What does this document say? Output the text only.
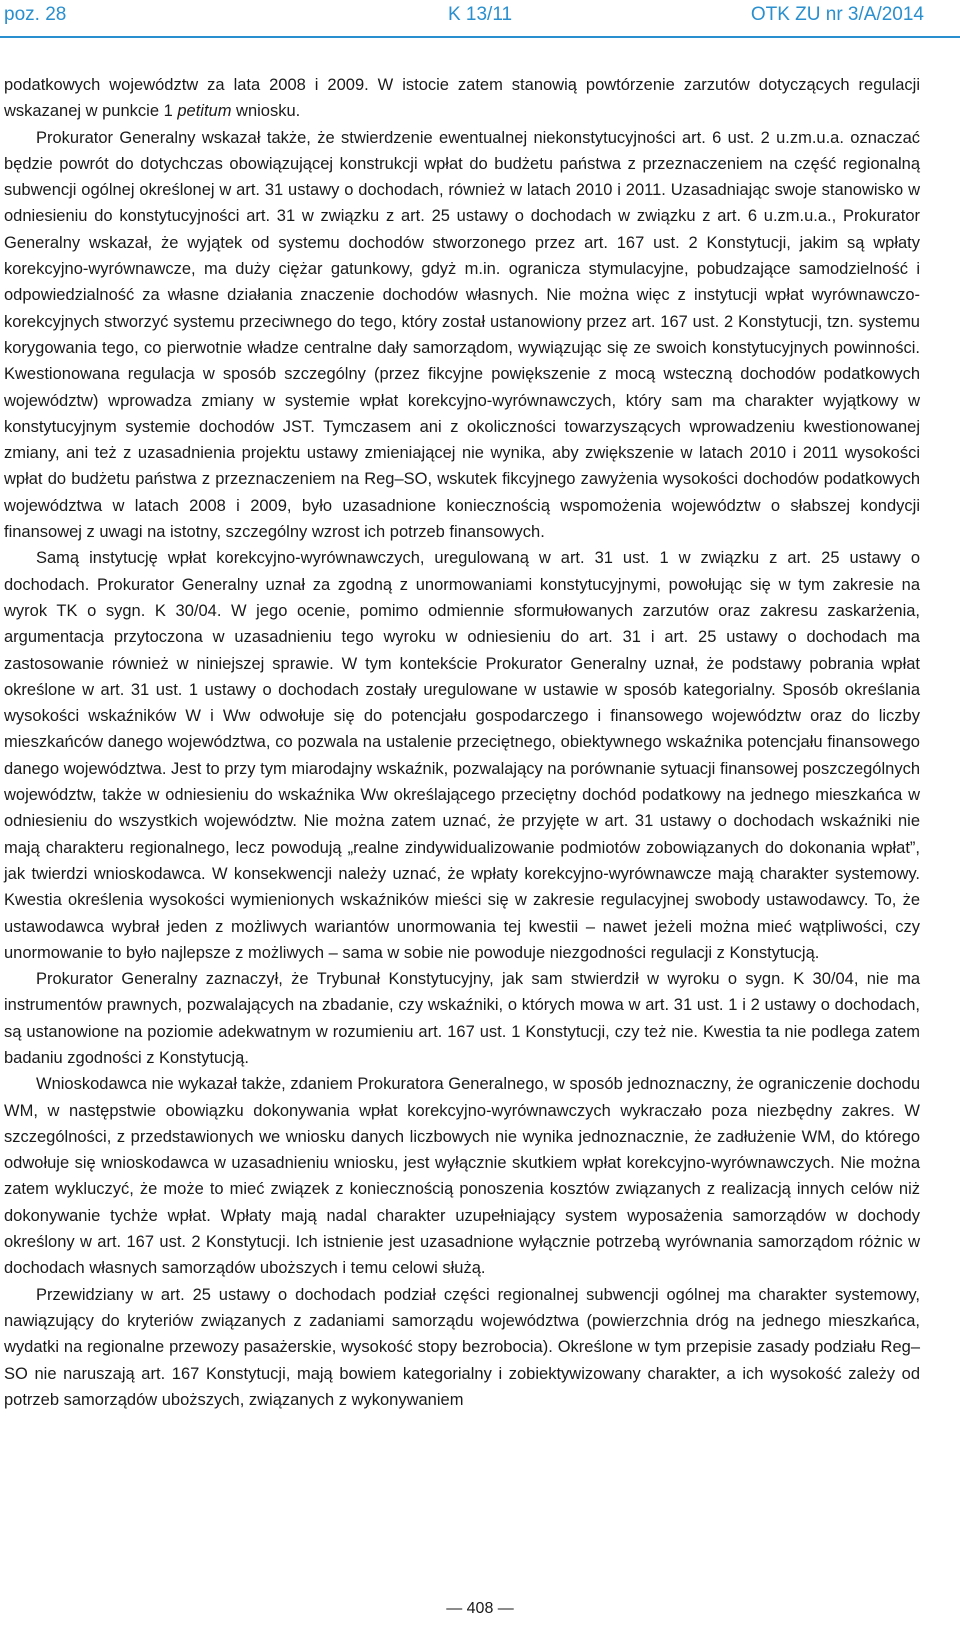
K 13/11
poz. 28	OTK ZU nr 3/A/2014

podatkowych województw za lata 2008 i 2009. W istocie zatem stanowią powtórzenie zarzutów dotyczących regulacji wskazanej w punkcie 1 petitum wniosku.

Prokurator Generalny wskazał także, że stwierdzenie ewentualnej niekonstytucyjności art. 6 ust. 2 u.zm.u.a. oznaczać będzie powrót do dotychczas obowiązującej konstrukcji wpłat do budżetu państwa z przeznaczeniem na część regionalną subwencji ogólnej określonej w art. 31 ustawy o dochodach, również w latach 2010 i 2011. Uzasadniając swoje stanowisko w odniesieniu do konstytucyjności art. 31 w związku z art. 25 ustawy o dochodach w związku z art. 6 u.zm.u.a., Prokurator Generalny wskazał, że wyjątek od systemu dochodów stworzonego przez art. 167 ust. 2 Konstytucji, jakim są wpłaty korekcyjno-wyrównawcze, ma duży ciężar gatunkowy, gdyż m.in. ogranicza stymulacyjne, pobudzające samodzielność i odpowiedzialność za własne działania znaczenie dochodów własnych. Nie można więc z instytucji wpłat wyrównawczo-korekcyjnych stworzyć systemu przeciwnego do tego, który został ustanowiony przez art. 167 ust. 2 Konstytucji, tzn. systemu korygowania tego, co pierwotnie władze centralne dały samorządom, wywiązując się ze swoich konstytucyjnych powinności. Kwestionowana regulacja w sposób szczególny (przez fikcyjne powiększenie z mocą wsteczną dochodów podatkowych województw) wprowadza zmiany w systemie wpłat korekcyjno-wyrównawczych, który sam ma charakter wyjątkowy w konstytucyjnym systemie dochodów JST. Tymczasem ani z okoliczności towarzyszących wprowadzeniu kwestionowanej zmiany, ani też z uzasadnienia projektu ustawy zmieniającej nie wynika, aby zwiększenie w latach 2010 i 2011 wysokości wpłat do budżetu państwa z przeznaczeniem na Reg–SO, wskutek fikcyjnego zawyżenia wysokości dochodów podatkowych województwa w latach 2008 i 2009, było uzasadnione koniecznością wspomożenia województw o słabszej kondycji finansowej z uwagi na istotny, szczególny wzrost ich potrzeb finansowych.

Samą instytucję wpłat korekcyjno-wyrównawczych, uregulowaną w art. 31 ust. 1 w związku z art. 25 ustawy o dochodach. Prokurator Generalny uznał za zgodną z unormowaniami konstytucyjnymi, powołując się w tym zakresie na wyrok TK o sygn. K 30/04. W jego ocenie, pomimo odmiennie sformułowanych zarzutów oraz zakresu zaskarżenia, argumentacja przytoczona w uzasadnieniu tego wyroku w odniesieniu do art. 31 i art. 25 ustawy o dochodach ma zastosowanie również w niniejszej sprawie. W tym kontekście Prokurator Generalny uznał, że podstawy pobrania wpłat określone w art. 31 ust. 1 ustawy o dochodach zostały uregulowane w ustawie w sposób kategorialny. Sposób określania wysokości wskaźników W i Ww odwołuje się do potencjału gospodarczego i finansowego województw oraz do liczby mieszkańców danego województwa, co pozwala na ustalenie przeciętnego, obiektywnego wskaźnika potencjału finansowego danego województwa. Jest to przy tym miarodajny wskaźnik, pozwalający na porównanie sytuacji finansowej poszczególnych województw, także w odniesieniu do wskaźnika Ww określającego przeciętny dochód podatkowy na jednego mieszkańca w odniesieniu do wszystkich województw. Nie można zatem uznać, że przyjęte w art. 31 ustawy o dochodach wskaźniki nie mają charakteru regionalnego, lecz powodują „realne zindywidualizowanie podmiotów zobowiązanych do dokonania wpłat”, jak twierdzi wnioskodawca. W konsekwencji należy uznać, że wpłaty korekcyjno-wyrównawcze mają charakter systemowy. Kwestia określenia wysokości wymienionych wskaźników mieści się w zakresie regulacyjnej swobody ustawodawcy. To, że ustawodawca wybrał jeden z możliwych wariantów unormowania tej kwestii – nawet jeżeli można mieć wątpliwości, czy unormowanie to było najlepsze z możliwych – sama w sobie nie powoduje niezgodności regulacji z Konstytucją.

Prokurator Generalny zaznaczył, że Trybunał Konstytucyjny, jak sam stwierdził w wyroku o sygn. K 30/04, nie ma instrumentów prawnych, pozwalających na zbadanie, czy wskaźniki, o których mowa w art. 31 ust. 1 i 2 ustawy o dochodach, są ustanowione na poziomie adekwatnym w rozumieniu art. 167 ust. 1 Konstytucji, czy też nie. Kwestia ta nie podlega zatem badaniu zgodności z Konstytucją.

Wnioskodawca nie wykazał także, zdaniem Prokuratora Generalnego, w sposób jednoznaczny, że ograniczenie dochodu WM, w następstwie obowiązku dokonywania wpłat korekcyjno-wyrównawczych wykraczało poza niezbędny zakres. W szczególności, z przedstawionych we wniosku danych liczbowych nie wynika jednoznacznie, że zadłużenie WM, do którego odwołuje się wnioskodawca w uzasadnieniu wniosku, jest wyłącznie skutkiem wpłat korekcyjno-wyrównawczych. Nie można zatem wykluczyć, że może to mieć związek z koniecznością ponoszenia kosztów związanych z realizacją innych celów niż dokonywanie tychże wpłat. Wpłaty mają nadal charakter uzupełniający system wyposażenia samorządów w dochody określony w art. 167 ust. 2 Konstytucji. Ich istnienie jest uzasadnione wyłącznie potrzebą wyrównania samorządom różnic w dochodach własnych samorządów uboższych i temu celowi służą.

Przewidziany w art. 25 ustawy o dochodach podział części regionalnej subwencji ogólnej ma charakter systemowy, nawiązujący do kryteriów związanych z zadaniami samorządu województwa (powierzchnia dróg na jednego mieszkańca, wydatki na regionalne przewozy pasażerskie, wysokość stopy bezrobocia). Określone w tym przepisie zasady podziału Reg–SO nie naruszają art. 167 Konstytucji, mają bowiem kategorialny i zobiektywizowany charakter, a ich wysokość zależy od potrzeb samorządów uboższych, związanych z wykonywaniem

— 408 —
